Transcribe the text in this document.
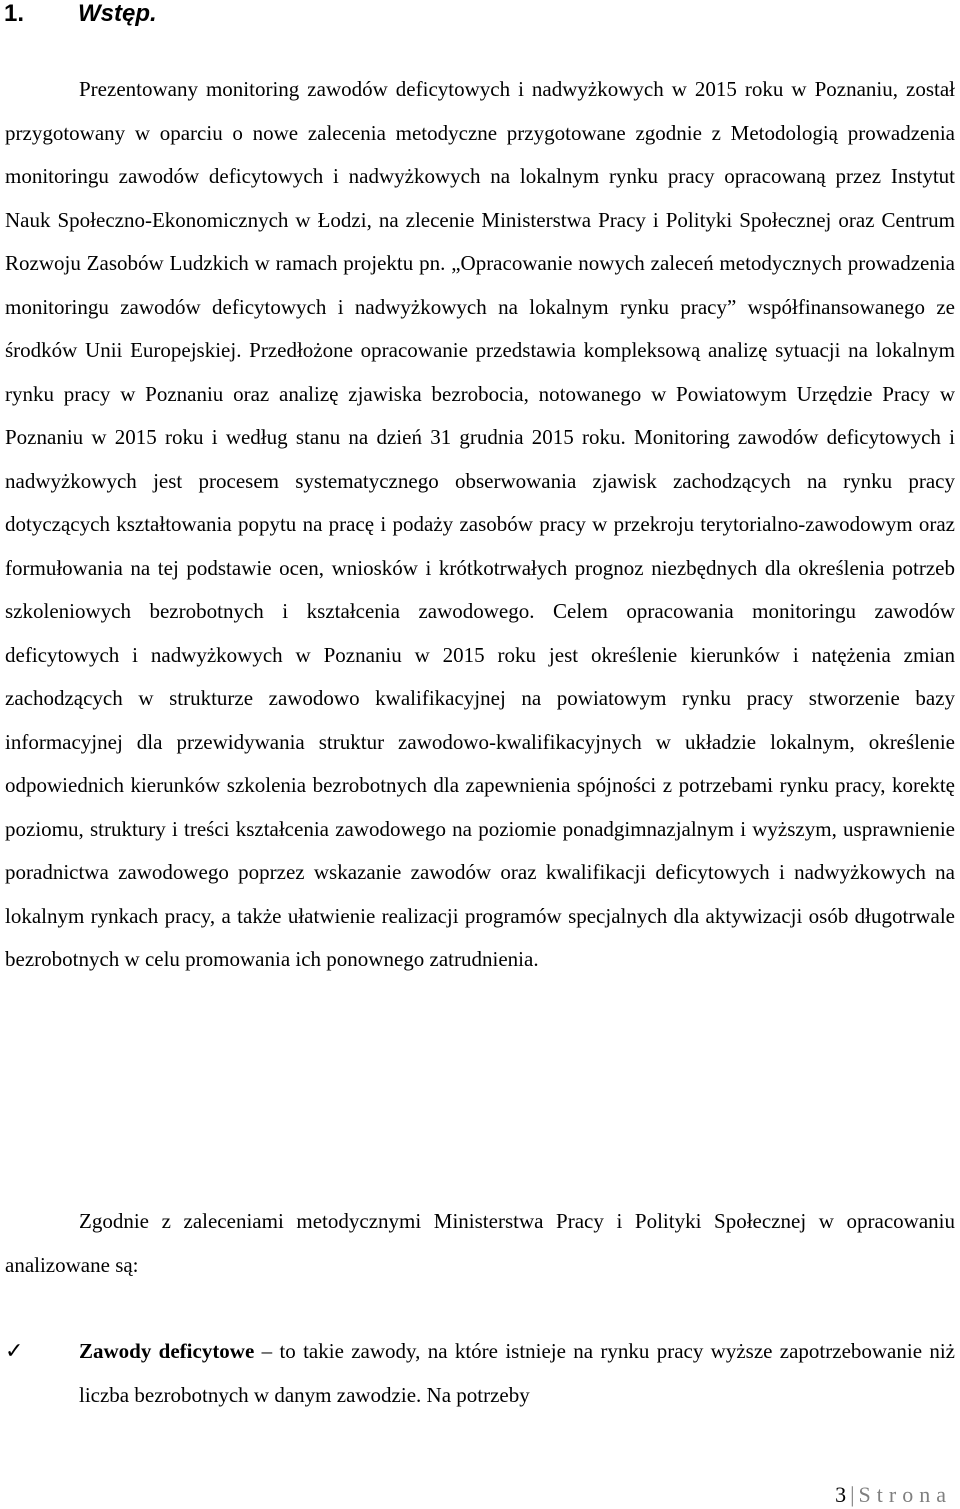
1. Wstęp.

Prezentowany monitoring zawodów deficytowych i nadwyżkowych w 2015 roku w Poznaniu, został przygotowany w oparciu o nowe zalecenia metodyczne przygotowane zgodnie z Metodologią prowadzenia monitoringu zawodów deficytowych i nadwyżkowych na lokalnym rynku pracy opracowaną przez Instytut Nauk Społeczno-Ekonomicznych w Łodzi, na zlecenie Ministerstwa Pracy i Polityki Społecznej oraz Centrum Rozwoju Zasobów Ludzkich w ramach projektu pn. „Opracowanie nowych zaleceń metodycznych prowadzenia monitoringu zawodów deficytowych i nadwyżkowych na lokalnym rynku pracy” współfinansowanego ze środków Unii Europejskiej. Przedłożone opracowanie przedstawia kompleksową analizę sytuacji na lokalnym rynku pracy w Poznaniu oraz analizę zjawiska bezrobocia, notowanego w Powiatowym Urzędzie Pracy w Poznaniu w 2015 roku i według stanu na dzień 31 grudnia 2015 roku. Monitoring zawodów deficytowych i nadwyżkowych jest procesem systematycznego obserwowania zjawisk zachodzących na rynku pracy dotyczących kształtowania popytu na pracę i podaży zasobów pracy w przekroju terytorialno-zawodowym oraz formułowania na tej podstawie ocen, wniosków i krótkotrwałych prognoz niezbędnych dla określenia potrzeb szkoleniowych bezrobotnych i kształcenia zawodowego. Celem opracowania monitoringu zawodów deficytowych i nadwyżkowych w Poznaniu w 2015 roku jest określenie kierunków i natężenia zmian zachodzących w strukturze zawodowo kwalifikacyjnej na powiatowym rynku pracy stworzenie bazy informacyjnej dla przewidywania struktur zawodowo-kwalifikacyjnych w układzie lokalnym, określenie odpowiednich kierunków szkolenia bezrobotnych dla zapewnienia spójności z potrzebami rynku pracy, korektę poziomu, struktury i treści kształcenia zawodowego na poziomie ponadgimnazjalnym i wyższym, usprawnienie poradnictwa zawodowego poprzez wskazanie zawodów oraz kwalifikacji deficytowych i nadwyżkowych na lokalnym rynkach pracy, a także ułatwienie realizacji programów specjalnych dla aktywizacji osób długotrwale bezrobotnych w celu promowania ich ponownego zatrudnienia.

Zgodnie z zaleceniami metodycznymi Ministerstwa Pracy i Polityki Społecznej w opracowaniu analizowane są:

✓	Zawody deficytowe – to takie zawody, na które istnieje na rynku pracy wyższe zapotrzebowanie niż liczba bezrobotnych w danym zawodzie. Na potrzeby

3 | Strona
